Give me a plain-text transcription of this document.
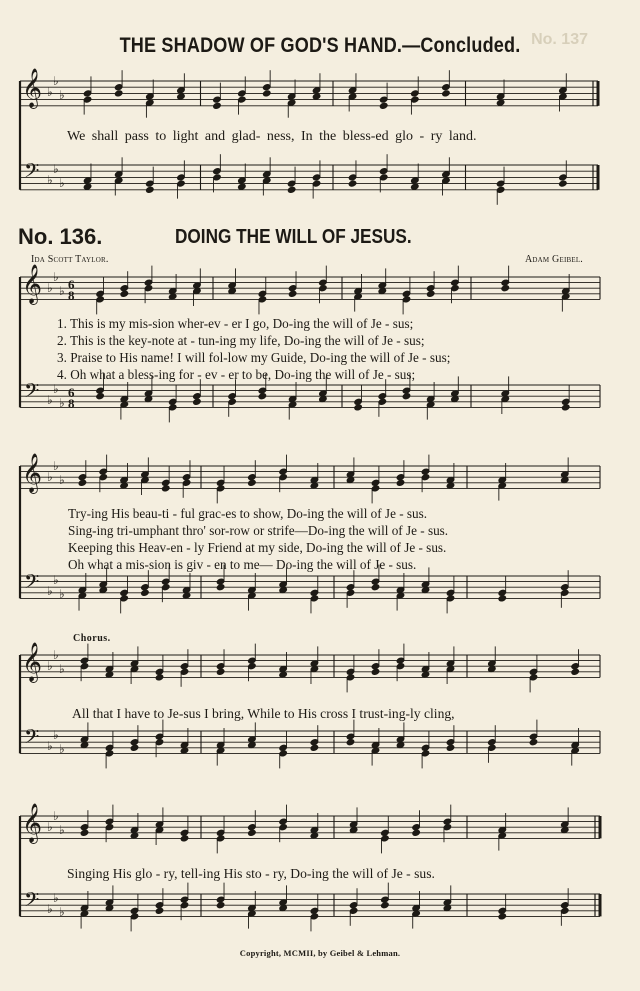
No. 137
THE SHADOW OF GOD'S HAND.—Concluded.
We shall pass to light and glad- ness, In the bless-ed glo - ry land.
No. 136.	DOING THE WILL OF JESUS.
Ida Scott Taylor.	Adam Geibel.
1. This is my mis-sion wher-ev - er I go, Do-ing the will of Je - sus;
2. This is the key-note at - tun-ing my life, Do-ing the will of Je - sus;
3. Praise to His name! I will fol-low my Guide, Do-ing the will of Je - sus;
4. Oh what a bless-ing for - ev - er to be, Do-ing the will of Je - sus;
Try-ing His beau-ti - ful grac-es to show, Do-ing the will of Je - sus.
Sing-ing tri-umphant thro' sor-row or strife—Do-ing the will of Je - sus.
Keeping this Heav-en - ly Friend at my side, Do-ing the will of Je - sus.
Oh what a mis-sion is giv - en to me— Do-ing the will of Je - sus.
Chorus.
All that I have to Je-sus I bring, While to His cross I trust-ing-ly cling,
Singing His glo - ry, tell-ing His sto - ry, Do-ing the will of Je - sus.
Copyright, MCMII, by Geibel & Lehman.
𝄞
𝄢
♭
♭
♭
♭
♭
♭
𝄞
𝄢
♭
♭
♭
♭
♭
♭
6
8
6
8
𝄞
𝄢
♭
♭
♭
♭
♭
♭
𝄞
𝄢
♭
♭
♭
♭
♭
♭
𝄞
𝄢
♭
♭
♭
♭
♭
♭
